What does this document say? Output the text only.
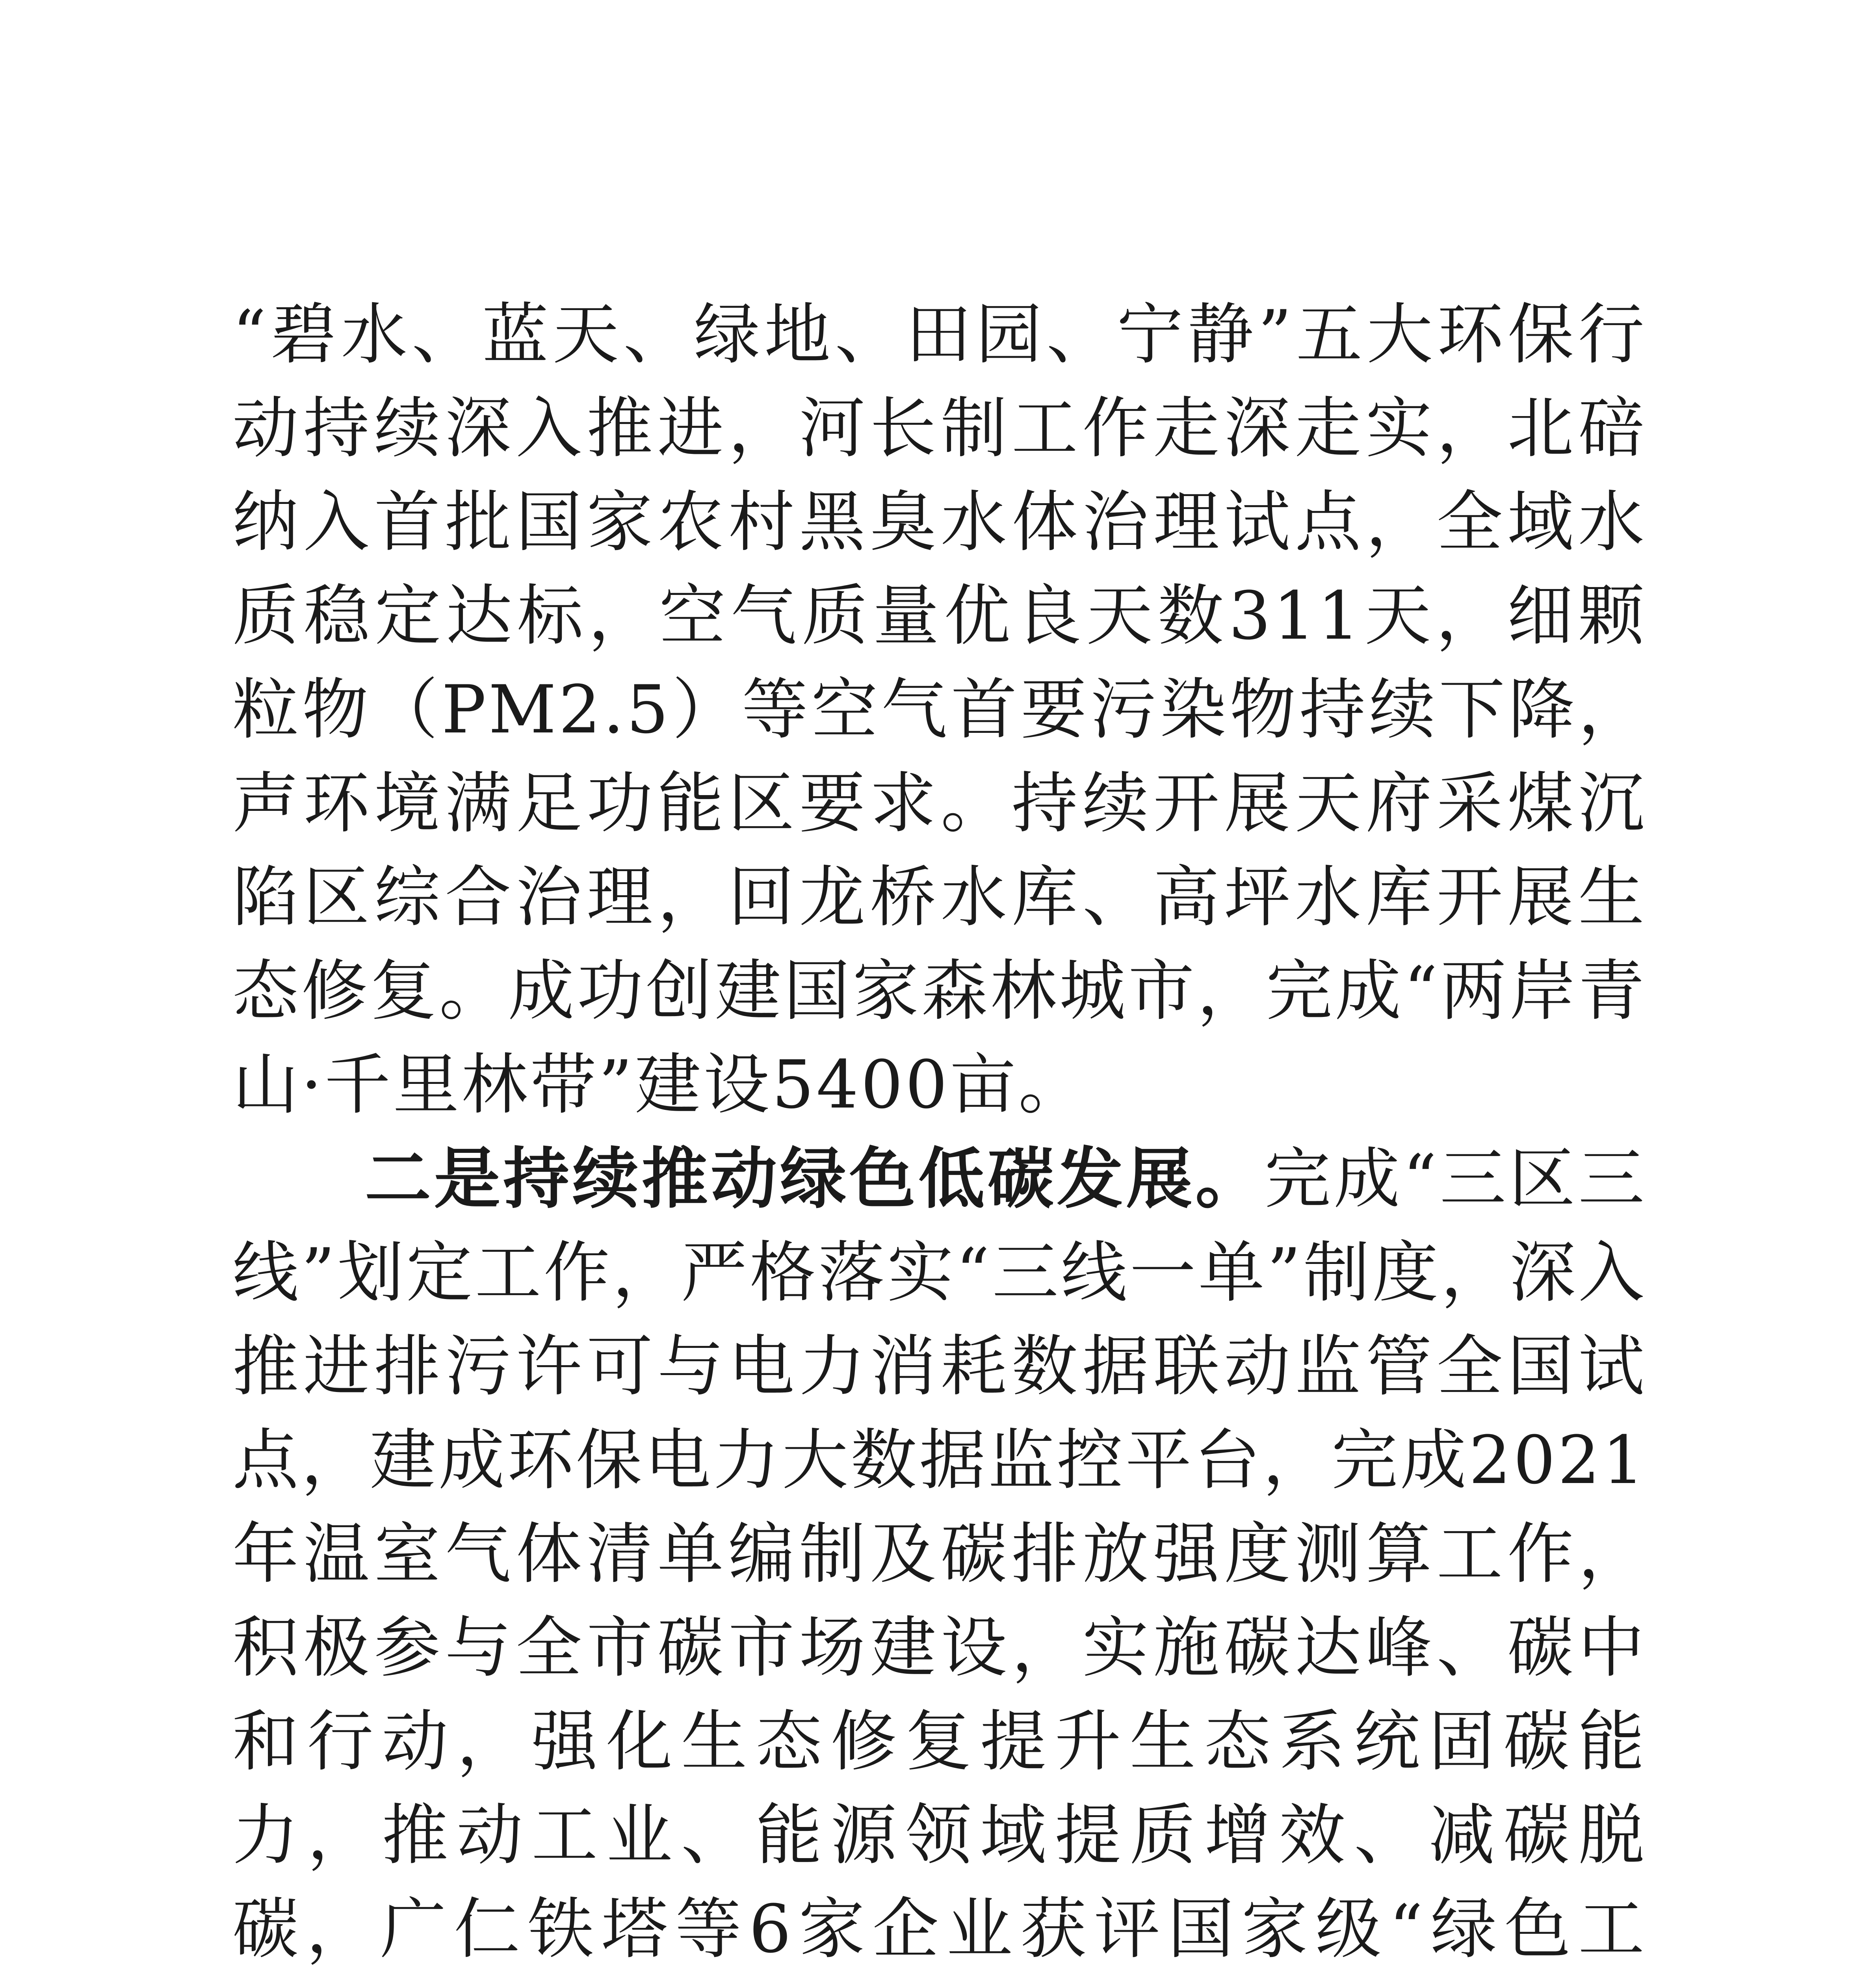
“碧水、蓝天、绿地、田园、宁静”五大环保行动持续深入推进，河长制工作走深走实，北碚纳入首批国家农村黑臭水体治理试点，全域水质稳定达标，空气质量优良天数311天，细颗粒物（PM2.5）等空气首要污染物持续下降，声环境满足功能区要求。持续开展天府采煤沉陷区综合治理，回龙桥水库、高坪水库开展生态修复。成功创建国家森林城市，完成“两岸青山·千里林带”建设5400亩。

二是持续推动绿色低碳发展。完成“三区三线”划定工作，严格落实“三线一单”制度，深入推进排污许可与电力消耗数据联动监管全国试点，建成环保电力大数据监控平台，完成2021年温室气体清单编制及碳排放强度测算工作，积极参与全市碳市场建设，实施碳达峰、碳中和行动，强化生态修复提升生态系统固碳能力，推动工业、能源领域提质增效、减碳脱碳，广仁铁塔等6家企业获评国家级“绿色工
